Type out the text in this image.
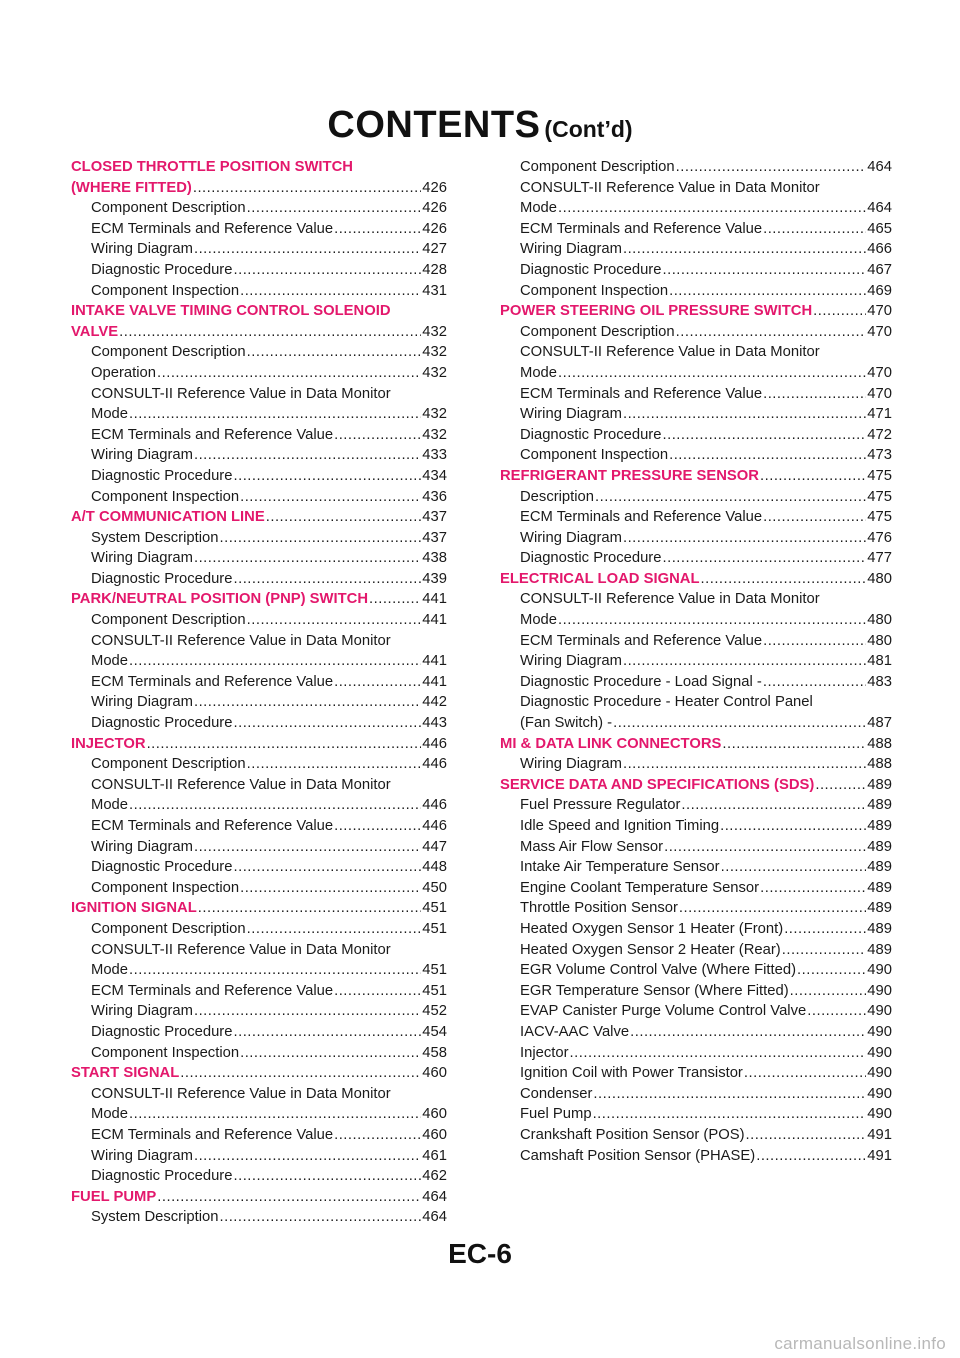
CONTENTS (Cont’d)
CLOSED THROTTLE POSITION SWITCH
(WHERE FITTED) .....	426
Component Description .....	426
ECM Terminals and Reference Value .....	426
Wiring Diagram .....	427
Diagnostic Procedure .....	428
Component Inspection .....	431
INTAKE VALVE TIMING CONTROL SOLENOID
VALVE .....	432
Component Description .....	432
Operation .....	432
CONSULT-II Reference Value in Data Monitor
Mode .....	432
ECM Terminals and Reference Value .....	432
Wiring Diagram .....	433
Diagnostic Procedure .....	434
Component Inspection .....	436
A/T COMMUNICATION LINE .....	437
System Description .....	437
Wiring Diagram .....	438
Diagnostic Procedure .....	439
PARK/NEUTRAL POSITION (PNP) SWITCH .....	441
Component Description .....	441
CONSULT-II Reference Value in Data Monitor
Mode .....	441
ECM Terminals and Reference Value .....	441
Wiring Diagram .....	442
Diagnostic Procedure .....	443
INJECTOR .....	446
Component Description .....	446
CONSULT-II Reference Value in Data Monitor
Mode .....	446
ECM Terminals and Reference Value .....	446
Wiring Diagram .....	447
Diagnostic Procedure .....	448
Component Inspection .....	450
IGNITION SIGNAL .....	451
Component Description .....	451
CONSULT-II Reference Value in Data Monitor
Mode .....	451
ECM Terminals and Reference Value .....	451
Wiring Diagram .....	452
Diagnostic Procedure .....	454
Component Inspection .....	458
START SIGNAL .....	460
CONSULT-II Reference Value in Data Monitor
Mode .....	460
ECM Terminals and Reference Value .....	460
Wiring Diagram .....	461
Diagnostic Procedure .....	462
FUEL PUMP .....	464
System Description .....	464
Component Description .....	464
CONSULT-II Reference Value in Data Monitor
Mode .....	464
ECM Terminals and Reference Value .....	465
Wiring Diagram .....	466
Diagnostic Procedure .....	467
Component Inspection .....	469
POWER STEERING OIL PRESSURE SWITCH .....	470
Component Description .....	470
CONSULT-II Reference Value in Data Monitor
Mode .....	470
ECM Terminals and Reference Value .....	470
Wiring Diagram .....	471
Diagnostic Procedure .....	472
Component Inspection .....	473
REFRIGERANT PRESSURE SENSOR .....	475
Description .....	475
ECM Terminals and Reference Value .....	475
Wiring Diagram .....	476
Diagnostic Procedure .....	477
ELECTRICAL LOAD SIGNAL .....	480
CONSULT-II Reference Value in Data Monitor
Mode .....	480
ECM Terminals and Reference Value .....	480
Wiring Diagram .....	481
Diagnostic Procedure - Load Signal - .....	483
Diagnostic Procedure - Heater Control Panel
(Fan Switch) - .....	487
MI & DATA LINK CONNECTORS .....	488
Wiring Diagram .....	488
SERVICE DATA AND SPECIFICATIONS (SDS) .....	489
Fuel Pressure Regulator .....	489
Idle Speed and Ignition Timing .....	489
Mass Air Flow Sensor .....	489
Intake Air Temperature Sensor .....	489
Engine Coolant Temperature Sensor .....	489
Throttle Position Sensor .....	489
Heated Oxygen Sensor 1 Heater (Front) .....	489
Heated Oxygen Sensor 2 Heater (Rear) .....	489
EGR Volume Control Valve (Where Fitted) .....	490
EGR Temperature Sensor (Where Fitted) .....	490
EVAP Canister Purge Volume Control Valve .....	490
IACV-AAC Valve .....	490
Injector .....	490
Ignition Coil with Power Transistor .....	490
Condenser .....	490
Fuel Pump .....	490
Crankshaft Position Sensor (POS) .....	491
Camshaft Position Sensor (PHASE) .....	491
EC-6
carmanualsonline.info
